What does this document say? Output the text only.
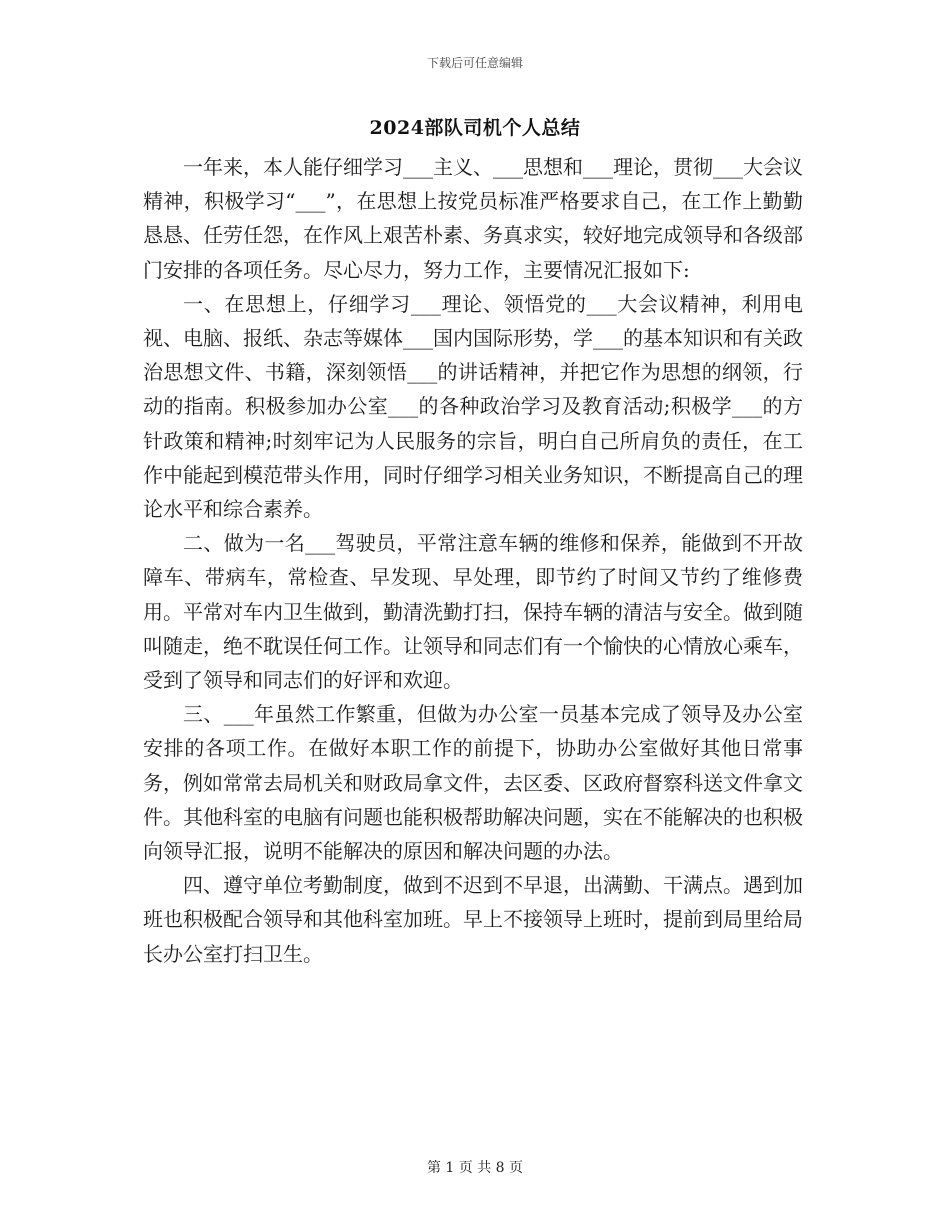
下载后可任意编辑
2024部队司机个人总结

一年来，本人能仔细学习___主义、___思想和___理论，贯彻___大会议精神，积极学习“___”，在思想上按党员标准严格要求自己，在工作上勤勤恳恳、任劳任怨，在作风上艰苦朴素、务真求实，较好地完成领导和各级部门安排的各项任务。尽心尽力，努力工作，主要情况汇报如下:

一、在思想上，仔细学习___理论、领悟党的___大会议精神，利用电视、电脑、报纸、杂志等媒体___国内国际形势，学___的基本知识和有关政治思想文件、书籍，深刻领悟___的讲话精神，并把它作为思想的纲领，行动的指南。积极参加办公室___的各种政治学习及教育活动;积极学___的方针政策和精神;时刻牢记为人民服务的宗旨，明白自己所肩负的责任，在工作中能起到模范带头作用，同时仔细学习相关业务知识，不断提高自己的理论水平和综合素养。

二、做为一名___驾驶员，平常注意车辆的维修和保养，能做到不开故障车、带病车，常检查、早发现、早处理，即节约了时间又节约了维修费用。平常对车内卫生做到，勤清洗勤打扫，保持车辆的清洁与安全。做到随叫随走，绝不耽误任何工作。让领导和同志们有一个愉快的心情放心乘车，受到了领导和同志们的好评和欢迎。

三、___年虽然工作繁重，但做为办公室一员基本完成了领导及办公室安排的各项工作。在做好本职工作的前提下，协助办公室做好其他日常事务，例如常常去局机关和财政局拿文件，去区委、区政府督察科送文件拿文件。其他科室的电脑有问题也能积极帮助解决问题，实在不能解决的也积极向领导汇报，说明不能解决的原因和解决问题的办法。

四、遵守单位考勤制度，做到不迟到不早退，出满勤、干满点。遇到加班也积极配合领导和其他科室加班。早上不接领导上班时，提前到局里给局长办公室打扫卫生。

第 1 页 共 8 页
